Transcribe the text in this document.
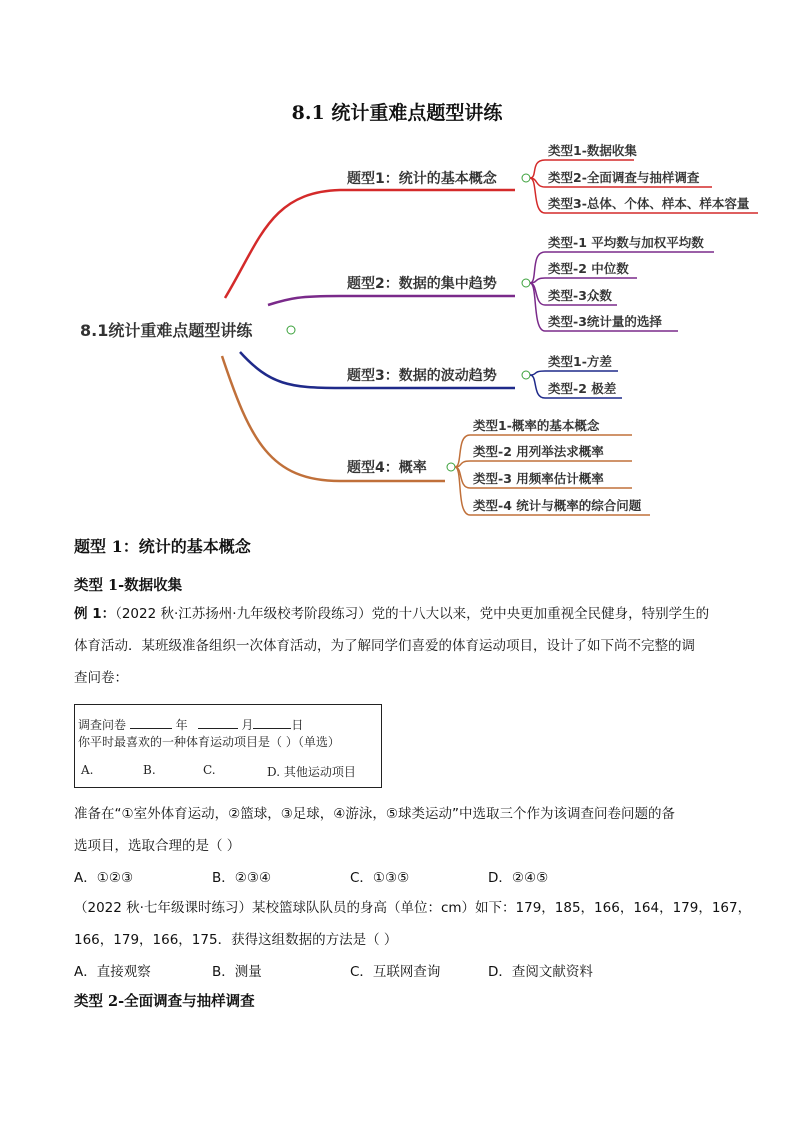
8.1 统计重难点题型讲练
8.1统计重难点题型讲练
题型1：统计的基本概念
类型1-数据收集
类型2-全面调查与抽样调查
类型3-总体、个体、样本、样本容量
题型2：数据的集中趋势
类型-1 平均数与加权平均数
类型-2 中位数
类型-3众数
类型-3统计量的选择
题型3：数据的波动趋势
类型1-方差
类型-2 极差
题型4：概率
类型1-概率的基本概念
类型-2 用列举法求概率
类型-3 用频率估计概率
类型-4 统计与概率的综合问题
题型 1：统计的基本概念
类型 1-数据收集
例 1：（2022 秋·江苏扬州·九年级校考阶段练习）党的十八大以来，党中央更加重视全民健身，特别学生的
体育活动．某班级准备组织一次体育活动，为了解同学们喜爱的体育运动项目，设计了如下尚不完整的调
查问卷：
调查问卷	年	月	日
你平时最喜欢的一种体育运动项目是（ ）（单选）
A.	B.	C.	D. 其他运动项目
准备在“①室外体育运动，②篮球，③足球，④游泳，⑤球类运动”中选取三个作为该调查问卷问题的备
选项目，选取合理的是（ ）
A．①②③	B．②③④	C．①③⑤	D．②④⑤
（2022 秋·七年级课时练习）某校篮球队队员的身高（单位：cm）如下：179，185，166，164，179，167，
166，179，166，175．获得这组数据的方法是（ ）
A．直接观察	B．测量	C．互联网查询	D．查阅文献资料
类型 2-全面调查与抽样调查
